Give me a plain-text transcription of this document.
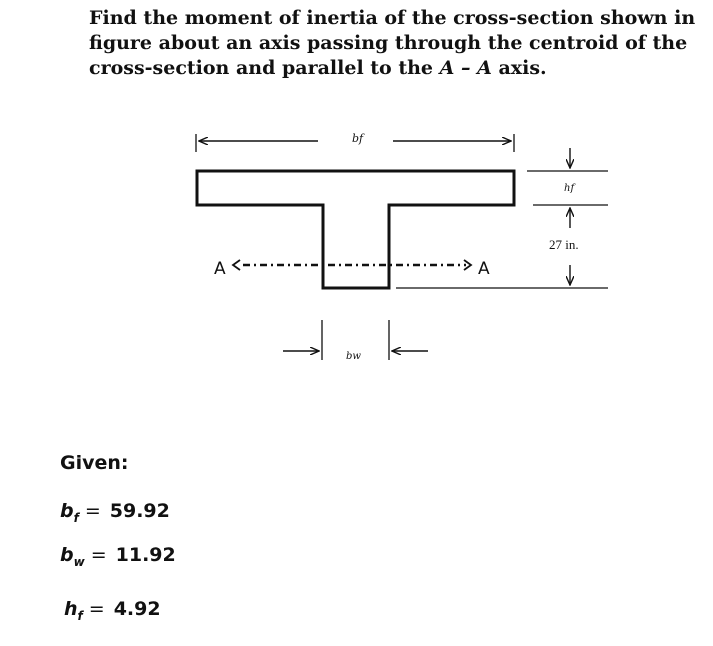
Find the moment of inertia of the cross-section shown in figure about an axis passing through the centroid of the cross-section and parallel to the A – A axis.

bf
hf
27 in.
A	A
bw
Given:
$b_f = 59.92$
$b_w = 11.92$
$h_f = 4.92$
